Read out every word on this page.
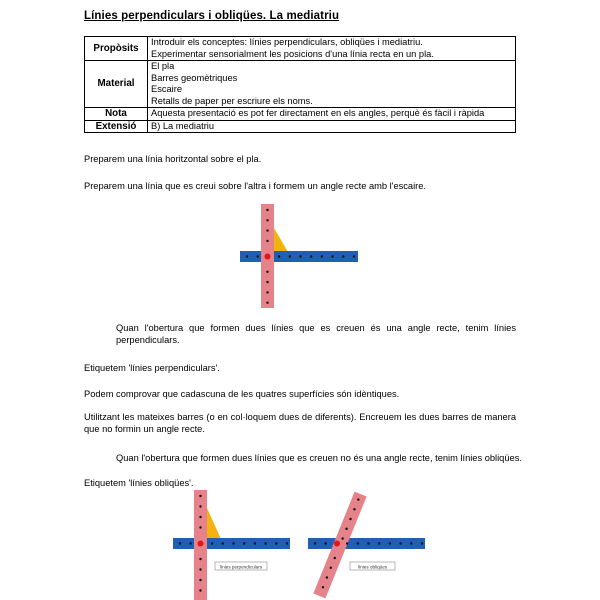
Línies perpendiculars i obliqües. La mediatriu
Propòsits	Introduir els conceptes: línies perpendiculars, obliqües i mediatriu.
Experimentar sensorialment les posicions d'una línia recta en un pla.

Material	El pla
Barres geomètriques
Escaire
Retalls de paper per escriure els noms.

Nota	Aquesta presentació es pot fer directament en els angles, perquè és fàcil i ràpida

Extensió	B) La mediatriu
Preparem una línia horitzontal sobre el pla.
Preparem una línia que es creui sobre l'altra i formem un angle recte amb l'escaire.
línies perpendiculars	línies obliqües
Quan l'obertura que formen dues línies que es creuen és una angle recte, tenim línies perpendiculars.
Etiquetem 'línies perpendiculars'.
Podem comprovar que cadascuna de les quatres superfícies són idèntiques.
Utilitzant les mateixes barres (o en col·loquem dues de diferents). Encreuem les dues barres de manera que no formin un angle recte.
Quan l'obertura que formen dues línies que es creuen no és una angle recte, tenim línies obliqües.
Etiquetem 'línies obliqües'.
